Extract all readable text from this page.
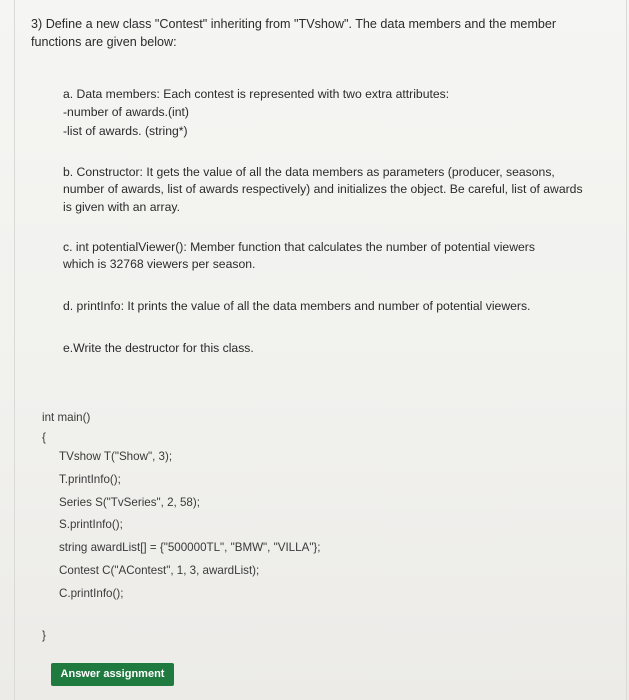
3) Define a new class "Contest" inheriting from "TVshow". The data members and the member
functions are given below:
a. Data members: Each contest is represented with two extra attributes:
-number of awards.(int)
-list of awards. (string*)
b. Constructor: It gets the value of all the data members as parameters (producer, seasons,
number of awards, list of awards respectively) and initializes the object. Be careful, list of awards
is given with an array.
c. int potentialViewer(): Member function that calculates the number of potential viewers
which is 32768 viewers per season.
d. printInfo: It prints the value of all the data members and number of potential viewers.
e.Write the destructor for this class.
int main()
{
TVshow T("Show", 3);
T.printInfo();
Series S("TvSeries", 2, 58);
S.printInfo();
string awardList[] = {"500000TL", "BMW", "VILLA"};
Contest C("AContest", 1, 3, awardList);
C.printInfo();
}
Answer assignment
